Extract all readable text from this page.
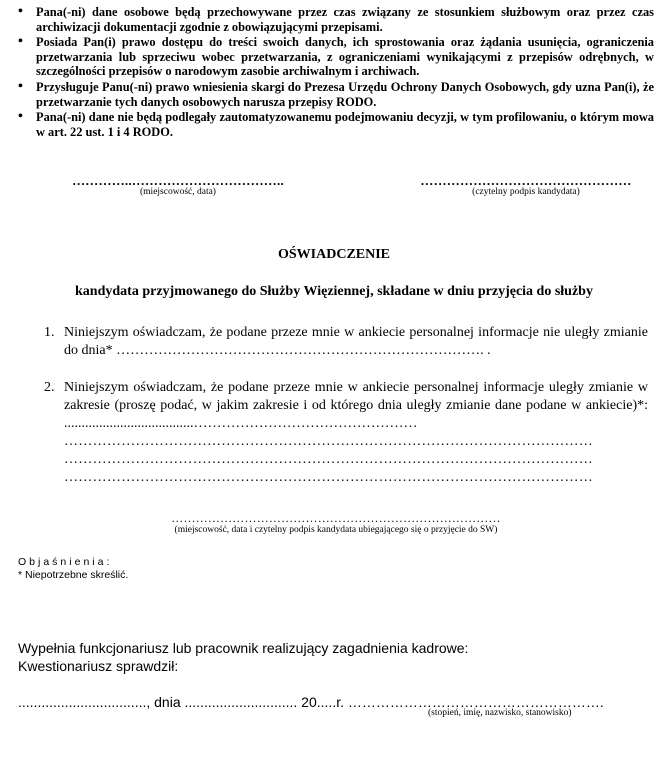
• Pana(-ni) dane osobowe będą przechowywane przez czas związany ze stosunkiem służbowym oraz przez czas archiwizacji dokumentacji zgodnie z obowiązującymi przepisami.
• Posiada Pan(i) prawo dostępu do treści swoich danych, ich sprostowania oraz żądania usunięcia, ograniczenia przetwarzania lub sprzeciwu wobec przetwarzania, z ograniczeniami wynikającymi z przepisów odrębnych, w szczególności przepisów o narodowym zasobie archiwalnym i archiwach.
• Przysługuje Panu(-ni) prawo wniesienia skargi do Prezesa Urzędu Ochrony Danych Osobowych, gdy uzna Pan(i), że przetwarzanie tych danych osobowych narusza przepisy RODO.
• Pana(-ni) dane nie będą podlegały zautomatyzowanemu podejmowaniu decyzji, w tym profilowaniu, o którym mowa w art. 22 ust. 1 i 4 RODO.
…………..……………………………..
(miejscowość, data)
…………………………………………
(czytelny podpis kandydata)
OŚWIADCZENIE
kandydata przyjmowanego do Służby Więziennej, składane w dniu przyjęcia do służby
1. Niniejszym oświadczam, że podane przeze mnie w ankiecie personalnej informacje nie uległy zmianie do dnia* ……………………………………………………………………. .
2. Niniejszym oświadczam, że podane przeze mnie w ankiecie personalnej informacje uległy zmianie w zakresie (proszę podać, w jakim zakresie i od którego dnia uległy zmianie dane podane w ankiecie)*: .....................................…………………………………………
…………………………………………………………………………………………………
…………………………………………………………………………………………………
…………………………………………………………………………………………………
………………………………………………………………………
(miejscowość, data i czytelny podpis kandydata ubiegającego się o przyjęcie do SW)
Objaśnienia:
* Niepotrzebne skreślić.
Wypełnia funkcjonariusz lub pracownik realizujący zagadnienia kadrowe:
Kwestionariusz sprawdził:
................................., dnia ............................. 20.....r. ……………………………………………….
(stopień, imię, nazwisko, stanowisko)
